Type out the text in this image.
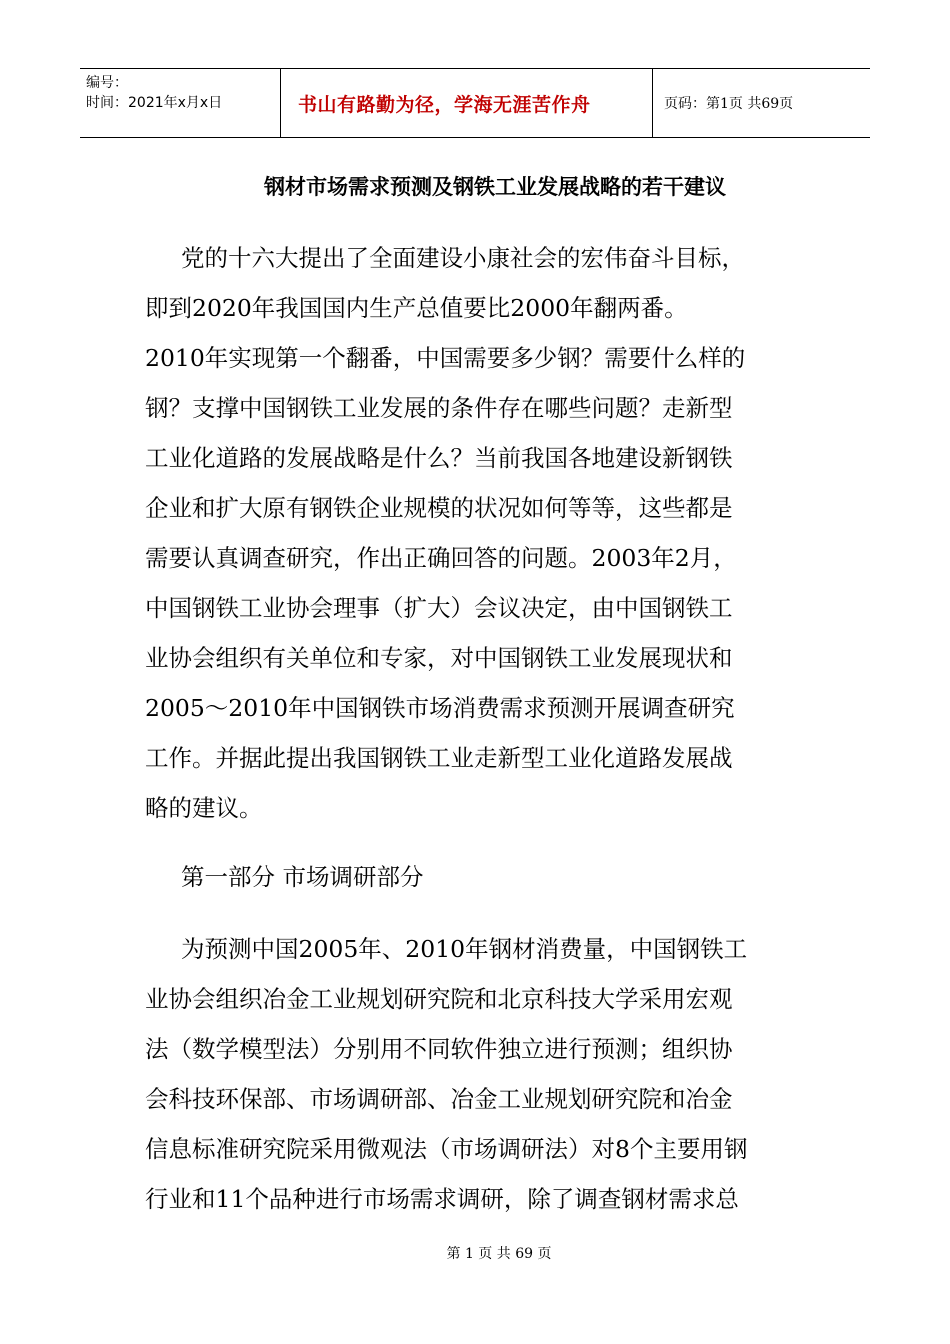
编号：
时间：2021年x月x日	书山有路勤为径，学海无涯苦作舟	页码：第1页 共69页
钢材市场需求预测及钢铁工业发展战略的若干建议
党的十六大提出了全面建设小康社会的宏伟奋斗目标，
即到2020年我国国内生产总值要比2000年翻两番。
2010年实现第一个翻番，中国需要多少钢？需要什么样的
钢？支撑中国钢铁工业发展的条件存在哪些问题？走新型
工业化道路的发展战略是什么？当前我国各地建设新钢铁
企业和扩大原有钢铁企业规模的状况如何等等，这些都是
需要认真调查研究，作出正确回答的问题。2003年2月，
中国钢铁工业协会理事（扩大）会议决定，由中国钢铁工
业协会组织有关单位和专家，对中国钢铁工业发展现状和
2005～2010年中国钢铁市场消费需求预测开展调查研究
工作。并据此提出我国钢铁工业走新型工业化道路发展战
略的建议。
第一部分 市场调研部分
为预测中国2005年、2010年钢材消费量，中国钢铁工
业协会组织冶金工业规划研究院和北京科技大学采用宏观
法（数学模型法）分别用不同软件独立进行预测；组织协
会科技环保部、市场调研部、冶金工业规划研究院和冶金
信息标准研究院采用微观法（市场调研法）对8个主要用钢
行业和11个品种进行市场需求调研，除了调查钢材需求总
第 1 页 共 69 页
